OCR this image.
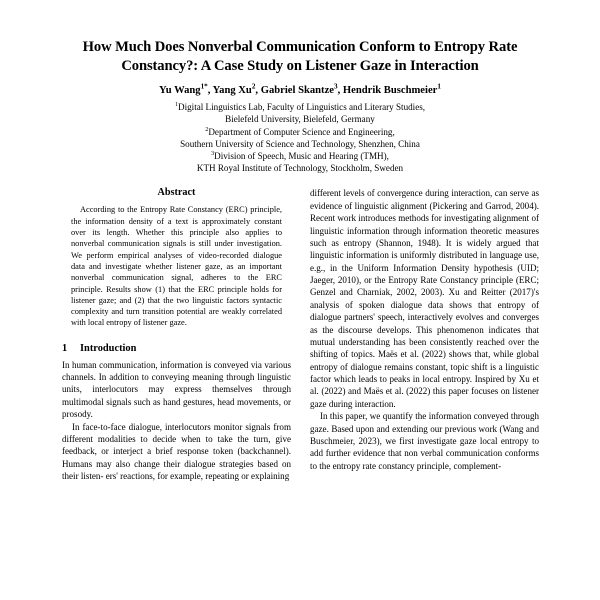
How Much Does Nonverbal Communication Conform to Entropy Rate
Constancy?: A Case Study on Listener Gaze in Interaction
Yu Wang$^{1*}$, Yang Xu$^2$, Gabriel Skantze$^3$, Hendrik Buschmeier$^1$
$^1$Digital Linguistics Lab, Faculty of Linguistics and Literary Studies,
Bielefeld University, Bielefeld, Germany
$^2$Department of Computer Science and Engineering,
Southern University of Science and Technology, Shenzhen, China
$^3$Division of Speech, Music and Hearing (TMH),
KTH Royal Institute of Technology, Stockholm, Sweden
Abstract

According to the Entropy Rate Constancy (ERC) principle, the information density of a text is approximately constant over its length. Whether this principle also applies to nonverbal communication signals is still under investigation. We perform empirical analyses of video-recorded dialogue data and investigate whether listener gaze, as an important nonverbal communication signal, adheres to the ERC principle. Results show (1) that the ERC principle holds for listener gaze; and (2) that the two linguistic factors syntactic complexity and turn transition potential are weakly correlated with local entropy of listener gaze.

1	Introduction

In human communication, information is conveyed via various channels. In addition to conveying meaning through linguistic units, interlocutors may express themselves through multimodal signals such as hand gestures, head movements, or prosody.

In face-to-face dialogue, interlocutors monitor signals from different modalities to decide when to take the turn, give feedback, or interject a brief response token (backchannel). Humans may also change their dialogue strategies based on their listen- ers' reactions, for example, repeating or explaining

different levels of convergence during interaction, can serve as evidence of linguistic alignment (Pickering and Garrod, 2004). Recent work introduces methods for investigating alignment of linguistic information through information theoretic measures such as entropy (Shannon, 1948). It is widely argued that linguistic information is uniformly distributed in language use, e.g., in the Uniform Information Density hypothesis (UID; Jaeger, 2010), or the Entropy Rate Constancy principle (ERC; Genzel and Charniak, 2002, 2003). Xu and Reitter (2017)'s analysis of spoken dialogue data shows that entropy of dialogue partners' speech, interactively evolves and converges as the discourse develops. This phenomenon indicates that mutual understanding has been consistently reached over the shifting of topics. Maës et al. (2022) shows that, while global entropy of dialogue remains constant, topic shift is a linguistic factor which leads to peaks in local entropy. Inspired by Xu et al. (2022) and Maës et al. (2022) this paper focuses on listener gaze during interaction.

In this paper, we quantify the information conveyed through gaze. Based upon and extending our previous work (Wang and Buschmeier, 2023), we first investigate gaze local entropy to add further evidence that non verbal communication conforms to the entropy rate constancy principle, complement-
